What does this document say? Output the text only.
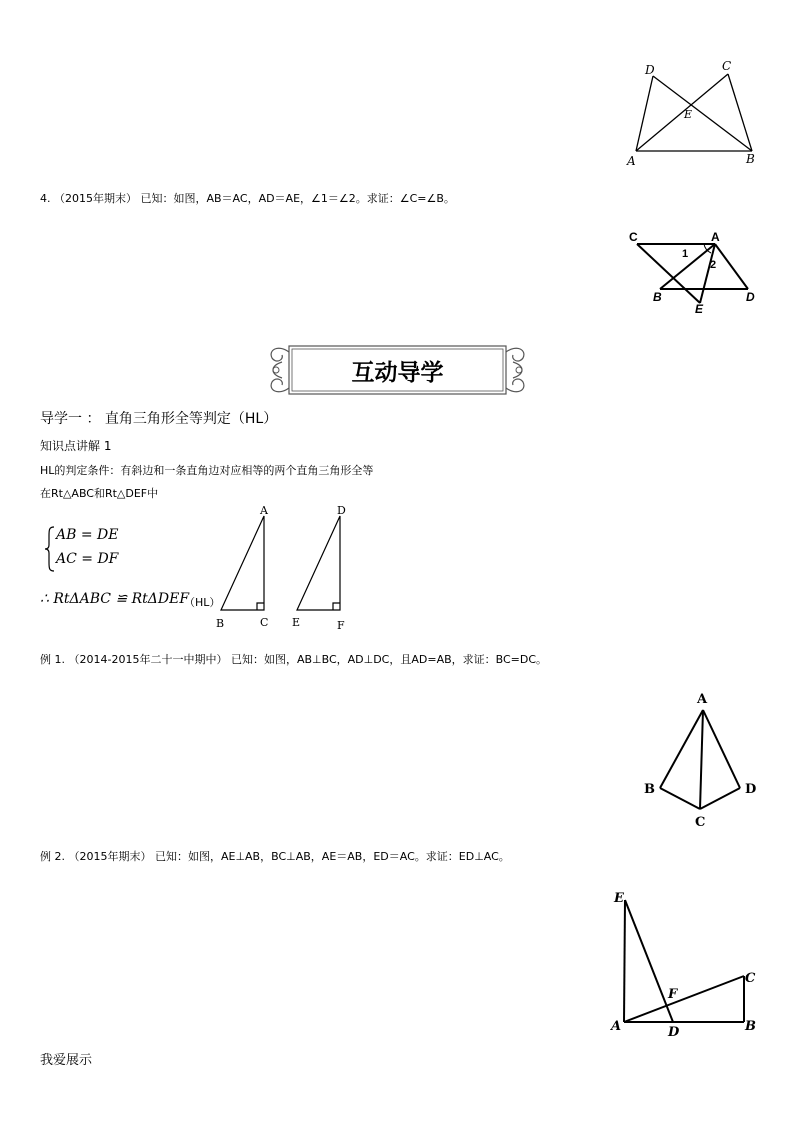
D	C
E
A	B
4. （2015年期末） 已知：如图，AB＝AC，AD＝AE，∠1＝∠2。求证：∠C=∠B。
C	A
1
2
B
E
D
互动导学
导学一 ： 直角三角形全等判定（HL）
知识点讲解 1
HL的判定条件：有斜边和一条直角边对应相等的两个直角三角形全等
在Rt△ABC和Rt△DEF中
AB = DE
AC = DF
∴ RtΔABC ≌ RtΔDEF
（HL）
A
B	C
D
E	F
例 1. （2014-2015年二十一中期中） 已知：如图，AB⊥BC，AD⊥DC，且AD=AB，求证：BC=DC。
A
B
C
D
例 2. （2015年期末） 已知：如图，AE⊥AB，BC⊥AB，AE＝AB，ED＝AC。求证：ED⊥AC。
E
C
F
A	D	B
我爱展示
